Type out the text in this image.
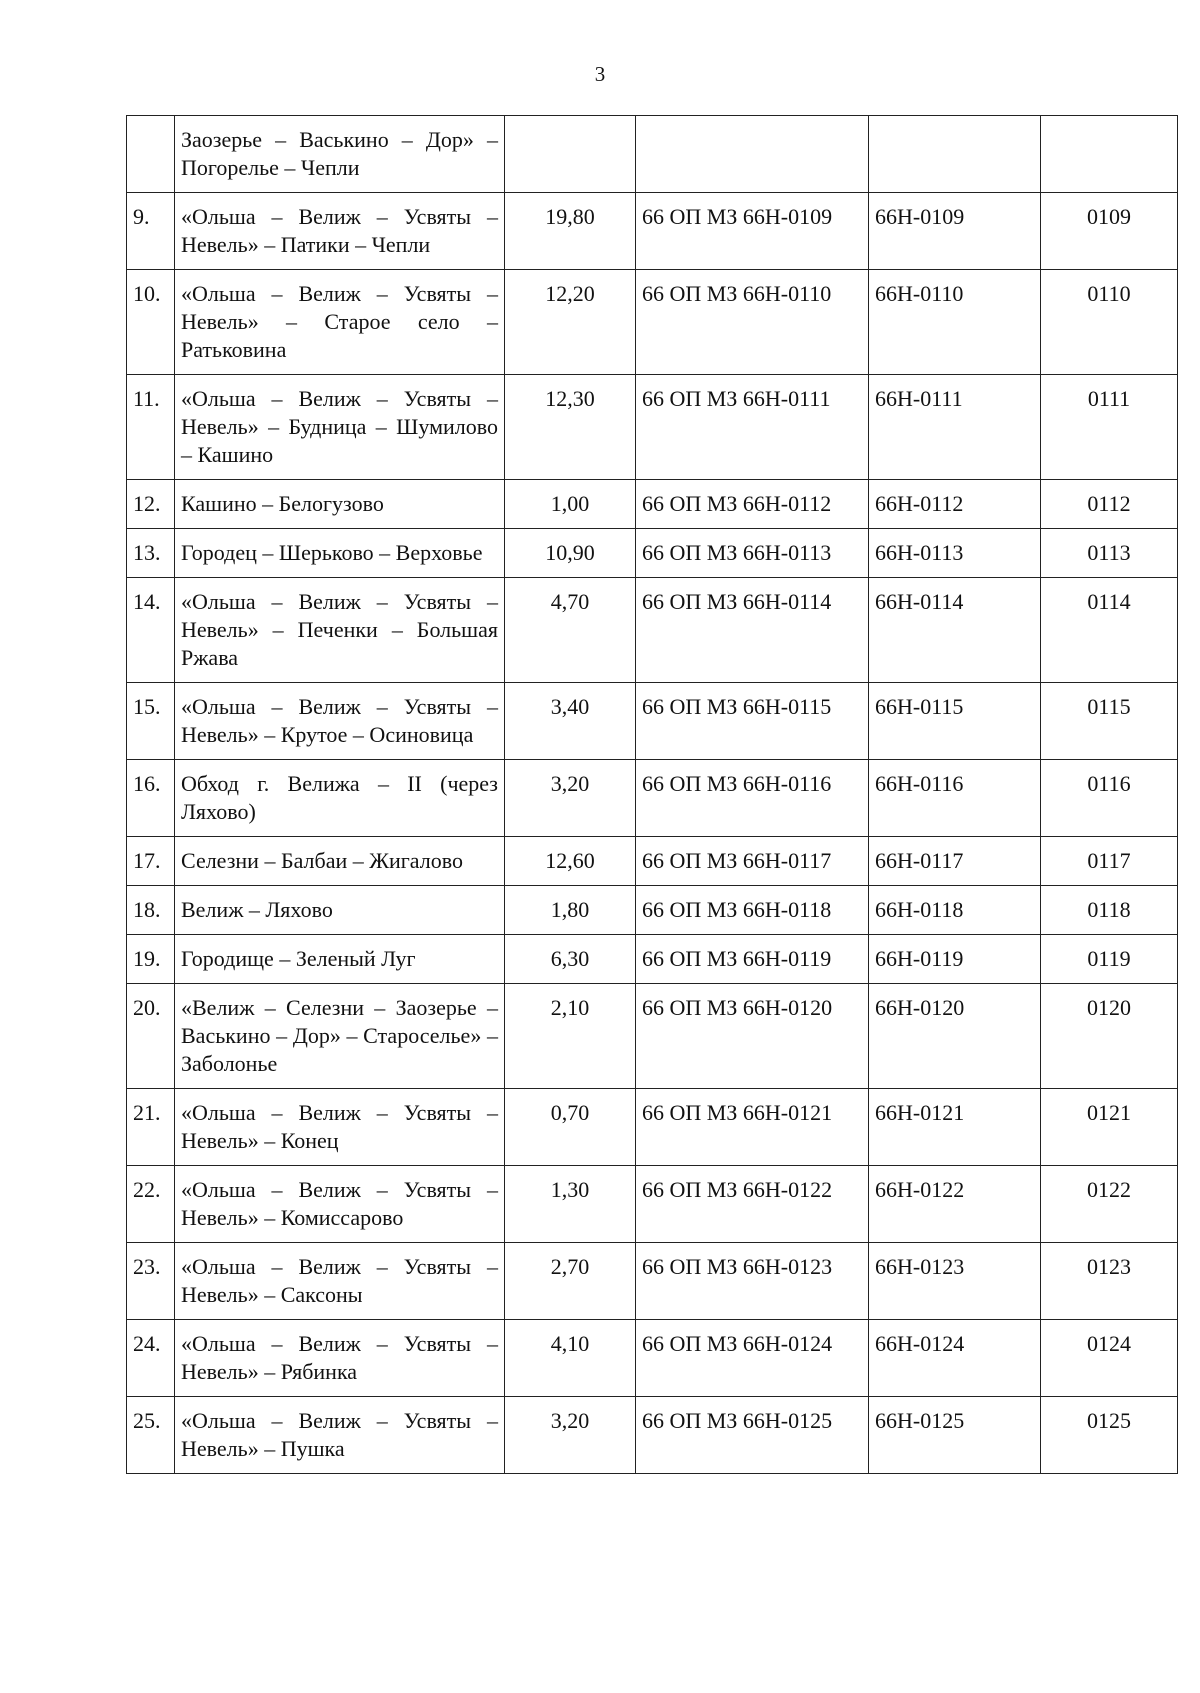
3
	Заозерье – Васькино – Дор» – Погорелье – Чепли				
9.	«Ольша – Велиж – Усвяты – Невель» – Патики – Чепли	19,80	66 ОП МЗ 66Н-0109	66Н-0109	0109
10.	«Ольша – Велиж – Усвяты – Невель» – Старое село – Ратьковина	12,20	66 ОП МЗ 66Н-0110	66Н-0110	0110
11.	«Ольша – Велиж – Усвяты – Невель» – Будница – Шумилово – Кашино	12,30	66 ОП МЗ 66Н-0111	66Н-0111	0111
12.	Кашино – Белогузово	1,00	66 ОП МЗ 66Н-0112	66Н-0112	0112
13.	Городец – Шерьково – Верховье	10,90	66 ОП МЗ 66Н-0113	66Н-0113	0113
14.	«Ольша – Велиж – Усвяты – Невель» – Печенки – Большая Ржава	4,70	66 ОП МЗ 66Н-0114	66Н-0114	0114
15.	«Ольша – Велиж – Усвяты – Невель» – Крутое – Осиновица	3,40	66 ОП МЗ 66Н-0115	66Н-0115	0115
16.	Обход г. Велижа – II (через Ляхово)	3,20	66 ОП МЗ 66Н-0116	66Н-0116	0116
17.	Селезни – Балбаи – Жигалово	12,60	66 ОП МЗ 66Н-0117	66Н-0117	0117
18.	Велиж – Ляхово	1,80	66 ОП МЗ 66Н-0118	66Н-0118	0118
19.	Городище – Зеленый Луг	6,30	66 ОП МЗ 66Н-0119	66Н-0119	0119
20.	«Велиж – Селезни – Заозерье – Васькино – Дор» – Староселье» – Заболонье	2,10	66 ОП МЗ 66Н-0120	66Н-0120	0120
21.	«Ольша – Велиж – Усвяты – Невель» – Конец	0,70	66 ОП МЗ 66Н-0121	66Н-0121	0121
22.	«Ольша – Велиж – Усвяты – Невель» – Комиссарово	1,30	66 ОП МЗ 66Н-0122	66Н-0122	0122
23.	«Ольша – Велиж – Усвяты – Невель» – Саксоны	2,70	66 ОП МЗ 66Н-0123	66Н-0123	0123
24.	«Ольша – Велиж – Усвяты – Невель» – Рябинка	4,10	66 ОП МЗ 66Н-0124	66Н-0124	0124
25.	«Ольша – Велиж – Усвяты – Невель» – Пушка	3,20	66 ОП МЗ 66Н-0125	66Н-0125	0125
